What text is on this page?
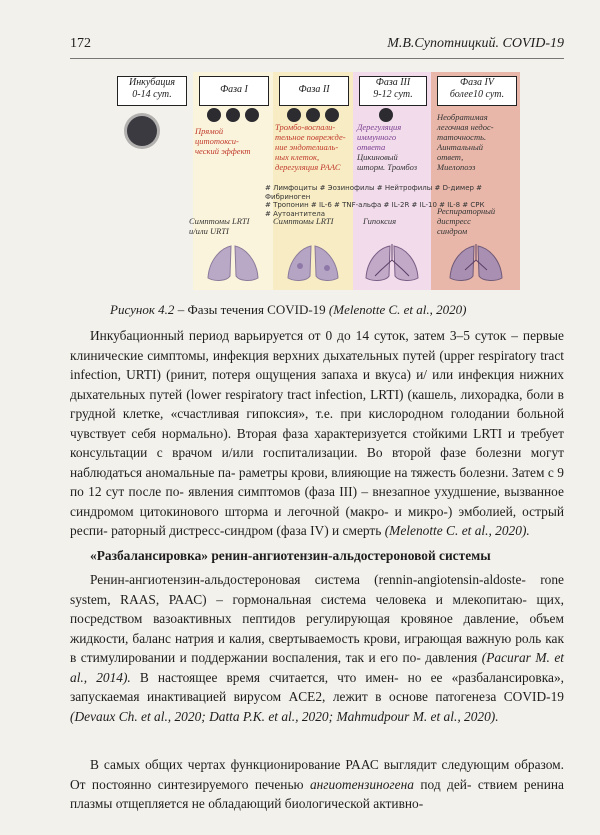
172	М.В.Супотницкий. COVID-19
Инкубация
0-14 сут.	Фаза I	Фаза II
Фаза III
9-12 сут.
Фаза IV
более10 сут.
Прямой
цитотокси-
ческий эффект
Тромбо-воспали-
тельное поврежде-
ние эндотелиаль-
ных клеток,
дерегуляция РААС
Дерегуляция
иммунного
ответа
Цикиновый
шторм. Тромбоз
Необратимая
легочная недос-
таточность.
Аинтальный
ответ,
Миелопоэз
# Лимфоциты # Эозинофилы # Нейтрофилы # D-димер # Фибриноген
# Тропонин # IL-6 # TNF-альфа # IL-2R # IL-10 # IL-8 # СРК
# Аутоантитела
Симптомы LRTI
и/или URTI
Симптомы LRTI	Гипоксия
Респираторный
дистресс
синдром
Рисунок 4.2 – Фазы течения COVID-19 (Melenotte C. et al., 2020)

Инкубационный период варьируется от 0 до 14 суток, затем 3–5 суток – первые клинические симптомы, инфекция верхних дыхательных путей (upper respiratory tract infection, URTI) (ринит, потеря ощущения запаха и вкуса) и/ или инфекция нижних дыхательных путей (lower respiratory tract infection, LRTI) (кашель, лихорадка, боли в грудной клетке, «счастливая гипоксия», т.е. при кислородном голодании больной чувствует себя нормально). Вторая фаза характеризуется стойкими LRTI и требует консультации с врачом и/или госпитализации. Во второй фазе болезни могут наблюдаться аномальные па- раметры крови, влияющие на тяжесть болезни. Затем с 9 по 12 сут после по- явления симптомов (фаза III) – внезапное ухудшение, вызванное синдромом цитокинового шторма и легочной (макро- и микро-) эмболией, острый респи- раторный дистресс-синдром (фаза IV) и смерть (Melenotte C. et al., 2020).

«Разбалансировка» ренин-ангиотензин-альдостероновой системы

Ренин-ангиотензин-альдостероновая система (rennin-angiotensin-aldoste- rone system, RAAS, РААС) – гормональная система человека и млекопитаю- щих, посредством вазоактивных пептидов регулирующая кровяное давление, объем жидкости, баланс натрия и калия, свертываемость крови, играющая важную роль как в стимулировании и поддержании воспаления, так и его по- давления (Pacurar M. et al., 2014). В настоящее время считается, что имен- но ее «разбалансировка», запускаемая инактивацией вирусом ACE2, лежит в основе патогенеза COVID-19 (Devaux Ch. et al., 2020; Datta P.K. et al., 2020; Mahmudpour M. et al., 2020).

В самых общих чертах функционирование РААС выглядит следующим образом. От постоянно синтезируемого печенью ангиотензиногена под дей- ствием ренина плазмы отщепляется не обладающий биологической активно-
